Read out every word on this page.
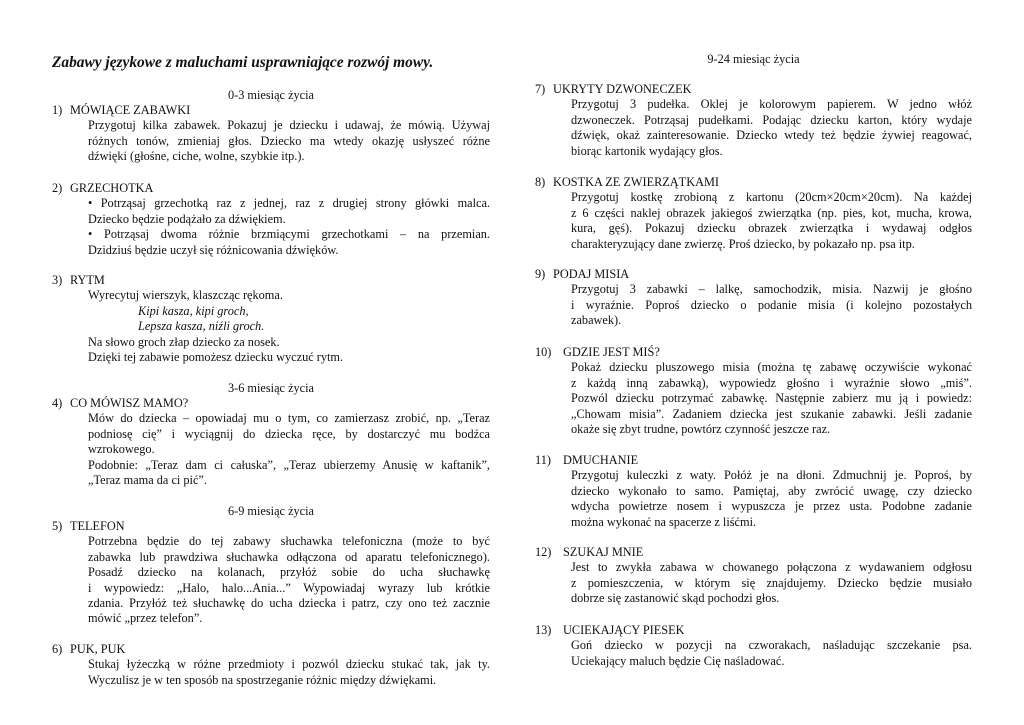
Zabawy językowe z maluchami usprawniające rozwój mowy.
0-3 miesiąc życia
1) MÓWIĄCE ZABAWKI
Przygotuj kilka zabawek. Pokazuj je dziecku i udawaj, że mówią. Używaj
różnych tonów, zmieniaj głos. Dziecko ma wtedy okazję usłyszeć różne
dźwięki (głośne, ciche, wolne, szybkie itp.).
2) GRZECHOTKA
• Potrząsaj grzechotką raz z jednej, raz z drugiej strony główki malca.
Dziecko będzie podążało za dźwiękiem.
• Potrząsaj dwoma różnie brzmiącymi grzechotkami – na przemian.
Dzidziuś będzie uczył się różnicowania dźwięków.
3) RYTM
Wyrecytuj wierszyk, klaszcząc rękoma.
Kipi kasza, kipi groch,
Lepsza kasza, niźli groch.
Na słowo groch złap dziecko za nosek.
Dzięki tej zabawie pomożesz dziecku wyczuć rytm.
3-6 miesiąc życia
4) CO MÓWISZ MAMO?
Mów do dziecka – opowiadaj mu o tym, co zamierzasz zrobić, np. „Teraz
podniosę cię” i wyciągnij do dziecka ręce, by dostarczyć mu bodźca
wzrokowego.
Podobnie: „Teraz dam ci całuska”, „Teraz ubierzemy Anusię w kaftanik”,
„Teraz mama da ci pić”.
6-9 miesiąc życia
5) TELEFON
Potrzebna będzie do tej zabawy słuchawka telefoniczna (może to być
zabawka lub prawdziwa słuchawka odłączona od aparatu telefonicznego).
Posadź dziecko na kolanach, przyłóż sobie do ucha słuchawkę
i wypowiedz: „Halo, halo...Ania...” Wypowiadaj wyrazy lub krótkie
zdania. Przyłóż też słuchawkę do ucha dziecka i patrz, czy ono też zacznie
mówić „przez telefon”.
6) PUK, PUK
Stukaj łyżeczką w różne przedmioty i pozwól dziecku stukać tak, jak ty.
Wyczulisz je w ten sposób na spostrzeganie różnic między dźwiękami.
9-24 miesiąc życia
7) UKRYTY DZWONECZEK
Przygotuj 3 pudełka. Oklej je kolorowym papierem. W jedno włóż
dzwoneczek. Potrząsaj pudełkami. Podając dziecku karton, który wydaje
dźwięk, okaż zainteresowanie. Dziecko wtedy też będzie żywiej reagować,
biorąc kartonik wydający głos.
8) KOSTKA ZE ZWIERZĄTKAMI
Przygotuj kostkę zrobioną z kartonu (20cm×20cm×20cm). Na każdej
z 6 części naklej obrazek jakiegoś zwierzątka (np. pies, kot, mucha, krowa,
kura, gęś). Pokazuj dziecku obrazek zwierzątka i wydawaj odgłos
charakteryzujący dane zwierzę. Proś dziecko, by pokazało np. psa itp.
9) PODAJ MISIA
Przygotuj 3 zabawki – lalkę, samochodzik, misia. Nazwij je głośno
i wyraźnie. Poproś dziecko o podanie misia (i kolejno pozostałych
zabawek).
10) GDZIE JEST MIŚ?
Pokaż dziecku pluszowego misia (można tę zabawę oczywiście wykonać
z każdą inną zabawką), wypowiedz głośno i wyraźnie słowo „miś”.
Pozwól dziecku potrzymać zabawkę. Następnie zabierz mu ją i powiedz:
„Chowam misia”. Zadaniem dziecka jest szukanie zabawki. Jeśli zadanie
okaże się zbyt trudne, powtórz czynność jeszcze raz.
11) DMUCHANIE
Przygotuj kuleczki z waty. Połóż je na dłoni. Zdmuchnij je. Poproś, by
dziecko wykonało to samo. Pamiętaj, aby zwrócić uwagę, czy dziecko
wdycha powietrze nosem i wypuszcza je przez usta. Podobne zadanie
można wykonać na spacerze z liśćmi.
12) SZUKAJ MNIE
Jest to zwykła zabawa w chowanego połączona z wydawaniem odgłosu
z pomieszczenia, w którym się znajdujemy. Dziecko będzie musiało
dobrze się zastanowić skąd pochodzi głos.
13) UCIEKAJĄCY PIESEK
Goń dziecko w pozycji na czworakach, naśladując szczekanie psa.
Uciekający maluch będzie Cię naśladować.
